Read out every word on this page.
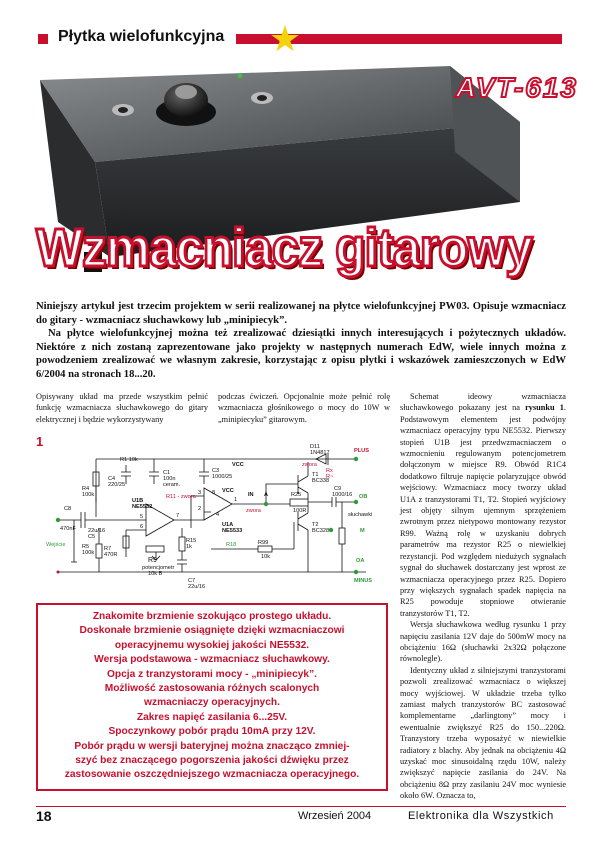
Płytka wielofunkcyjna ★
AVT-613
Wzmacniacz gitarowy

Niniejszy artykuł jest trzecim projektem w serii realizowanej na płytce wielofunkcyjnej PW03. Opisuje wzmacniacz do gitary - wzmacniacz słuchawkowy lub „minipiecyk”.

Na płytce wielofunkcyjnej można też zrealizować dziesiątki innych interesujących i pożytecznych układów. Niektóre z nich zostaną zaprezentowane jako projekty w następnych numerach EdW, wiele innych można z powodzeniem zrealizować we własnym zakresie, korzystając z opisu płytki i wskazówek zamieszczonych w EdW 6/2004 na stronach 18...20.

Opisywany układ ma przede wszystkim pełnić funkcję wzmacniacza słuchawkowego do gitary elektrycznej i będzie wykorzystywany

podczas ćwiczeń. Opcjonalnie może pełnić rolę wzmacniacza głośnikowego o mocy do 10W w „minipiecyku” gitarowym.

Schemat ideowy wzmacniacza słuchawkowego pokazany jest na rysunku 1. Podstawowym elementem jest podwójny wzmacniacz operacyjny typu NE5532. Pierwszy stopień U1B jest przedwzmacniaczem o wzmocnieniu regulowanym potencjometrem dołączonym w miejsce R9. Obwód R1C4 dodatkowo filtruje napięcie polaryzujące obwód wejściowy. Wzmacniacz mocy tworzy układ U1A z tranzystorami T1, T2. Stopień wyjściowy jest objęty silnym ujemnym sprzężeniem zwrotnym przez nietypowo montowany rezystor R99. Ważną rolę w uzyskaniu dobrych parametrów ma rezystor R25 o niewielkiej rezystancji. Pod względem niedużych sygnałach sygnał do słuchawek dostarczany jest wprost ze wzmacniacza operacyjnego przez R25. Dopiero przy większych sygnałach spadek napięcia na R25 powoduje stopniowe otwieranie tranzystorów T1, T2.

Wersja słuchawkowa według rysunku 1 przy napięciu zasilania 12V daje do 500mW mocy na obciążeniu 16Ω (słuchawki 2x32Ω połączone równolegle).

Identyczny układ z silniejszymi tranzystorami pozwoli zrealizować wzmacniacz o większej mocy wyjściowej. W układzie trzeba tylko zamiast małych tranzystorów BC zastosować komplementarne „darlingtony” mocy i ewentualnie zwiększyć R25 do 150...220Ω. Tranzystory trzeba wyposażyć w niewielkie radiatory z blachy. Aby jednak na obciążeniu 4Ω uzyskać moc sinusoidalną rzędu 10W, należy zwiększyć napięcie zasilania do 24V. Na obciążeniu 8Ω przy zasilaniu 24V moc wyniesie około 6W. Oznacza to,

1	D11
1N4817	PLUS
VCC
C3
1000/25
C1
100n
ceram.
R1 10k
C4
220/25
R4
100k
C8
470nF 22u/16
C5
R5
100k
R7
470R
Wejście
R9
potencjometr
10k B
U1B
NE5532
R11 - zwora
VCC
U1A
NE5533
IN A
zwora
zwora
R15
1k
C7
22u/16
R18	R99
10k
R25
100R
T1
BC338
T2
BC328
C9
1000/16 OB
słuchawki
M
OA
MINUS
Rx
R~
5
6
7
1
2
3
4
8
Znakomite brzmienie szokująco prostego układu.
Doskonałe brzmienie osiągnięte dzięki wzmacniaczowi
operacyjnemu wysokiej jakości NE5532.
Wersja podstawowa - wzmacniacz słuchawkowy.
Opcja z tranzystorami mocy - „minipiecyk”.
Możliwość zastosowania różnych scalonych
wzmacniaczy operacyjnych.
Zakres napięć zasilania 6...25V.
Spoczynkowy pobór prądu 10mA przy 12V.
Pobór prądu w wersji bateryjnej można znacząco zmniej-
szyć bez znaczącego pogorszenia jakości dźwięku przez
zastosowanie oszczędniejszego wzmacniacza operacyjnego.
18	Wrzesień 2004	Elektronika dla Wszystkich
